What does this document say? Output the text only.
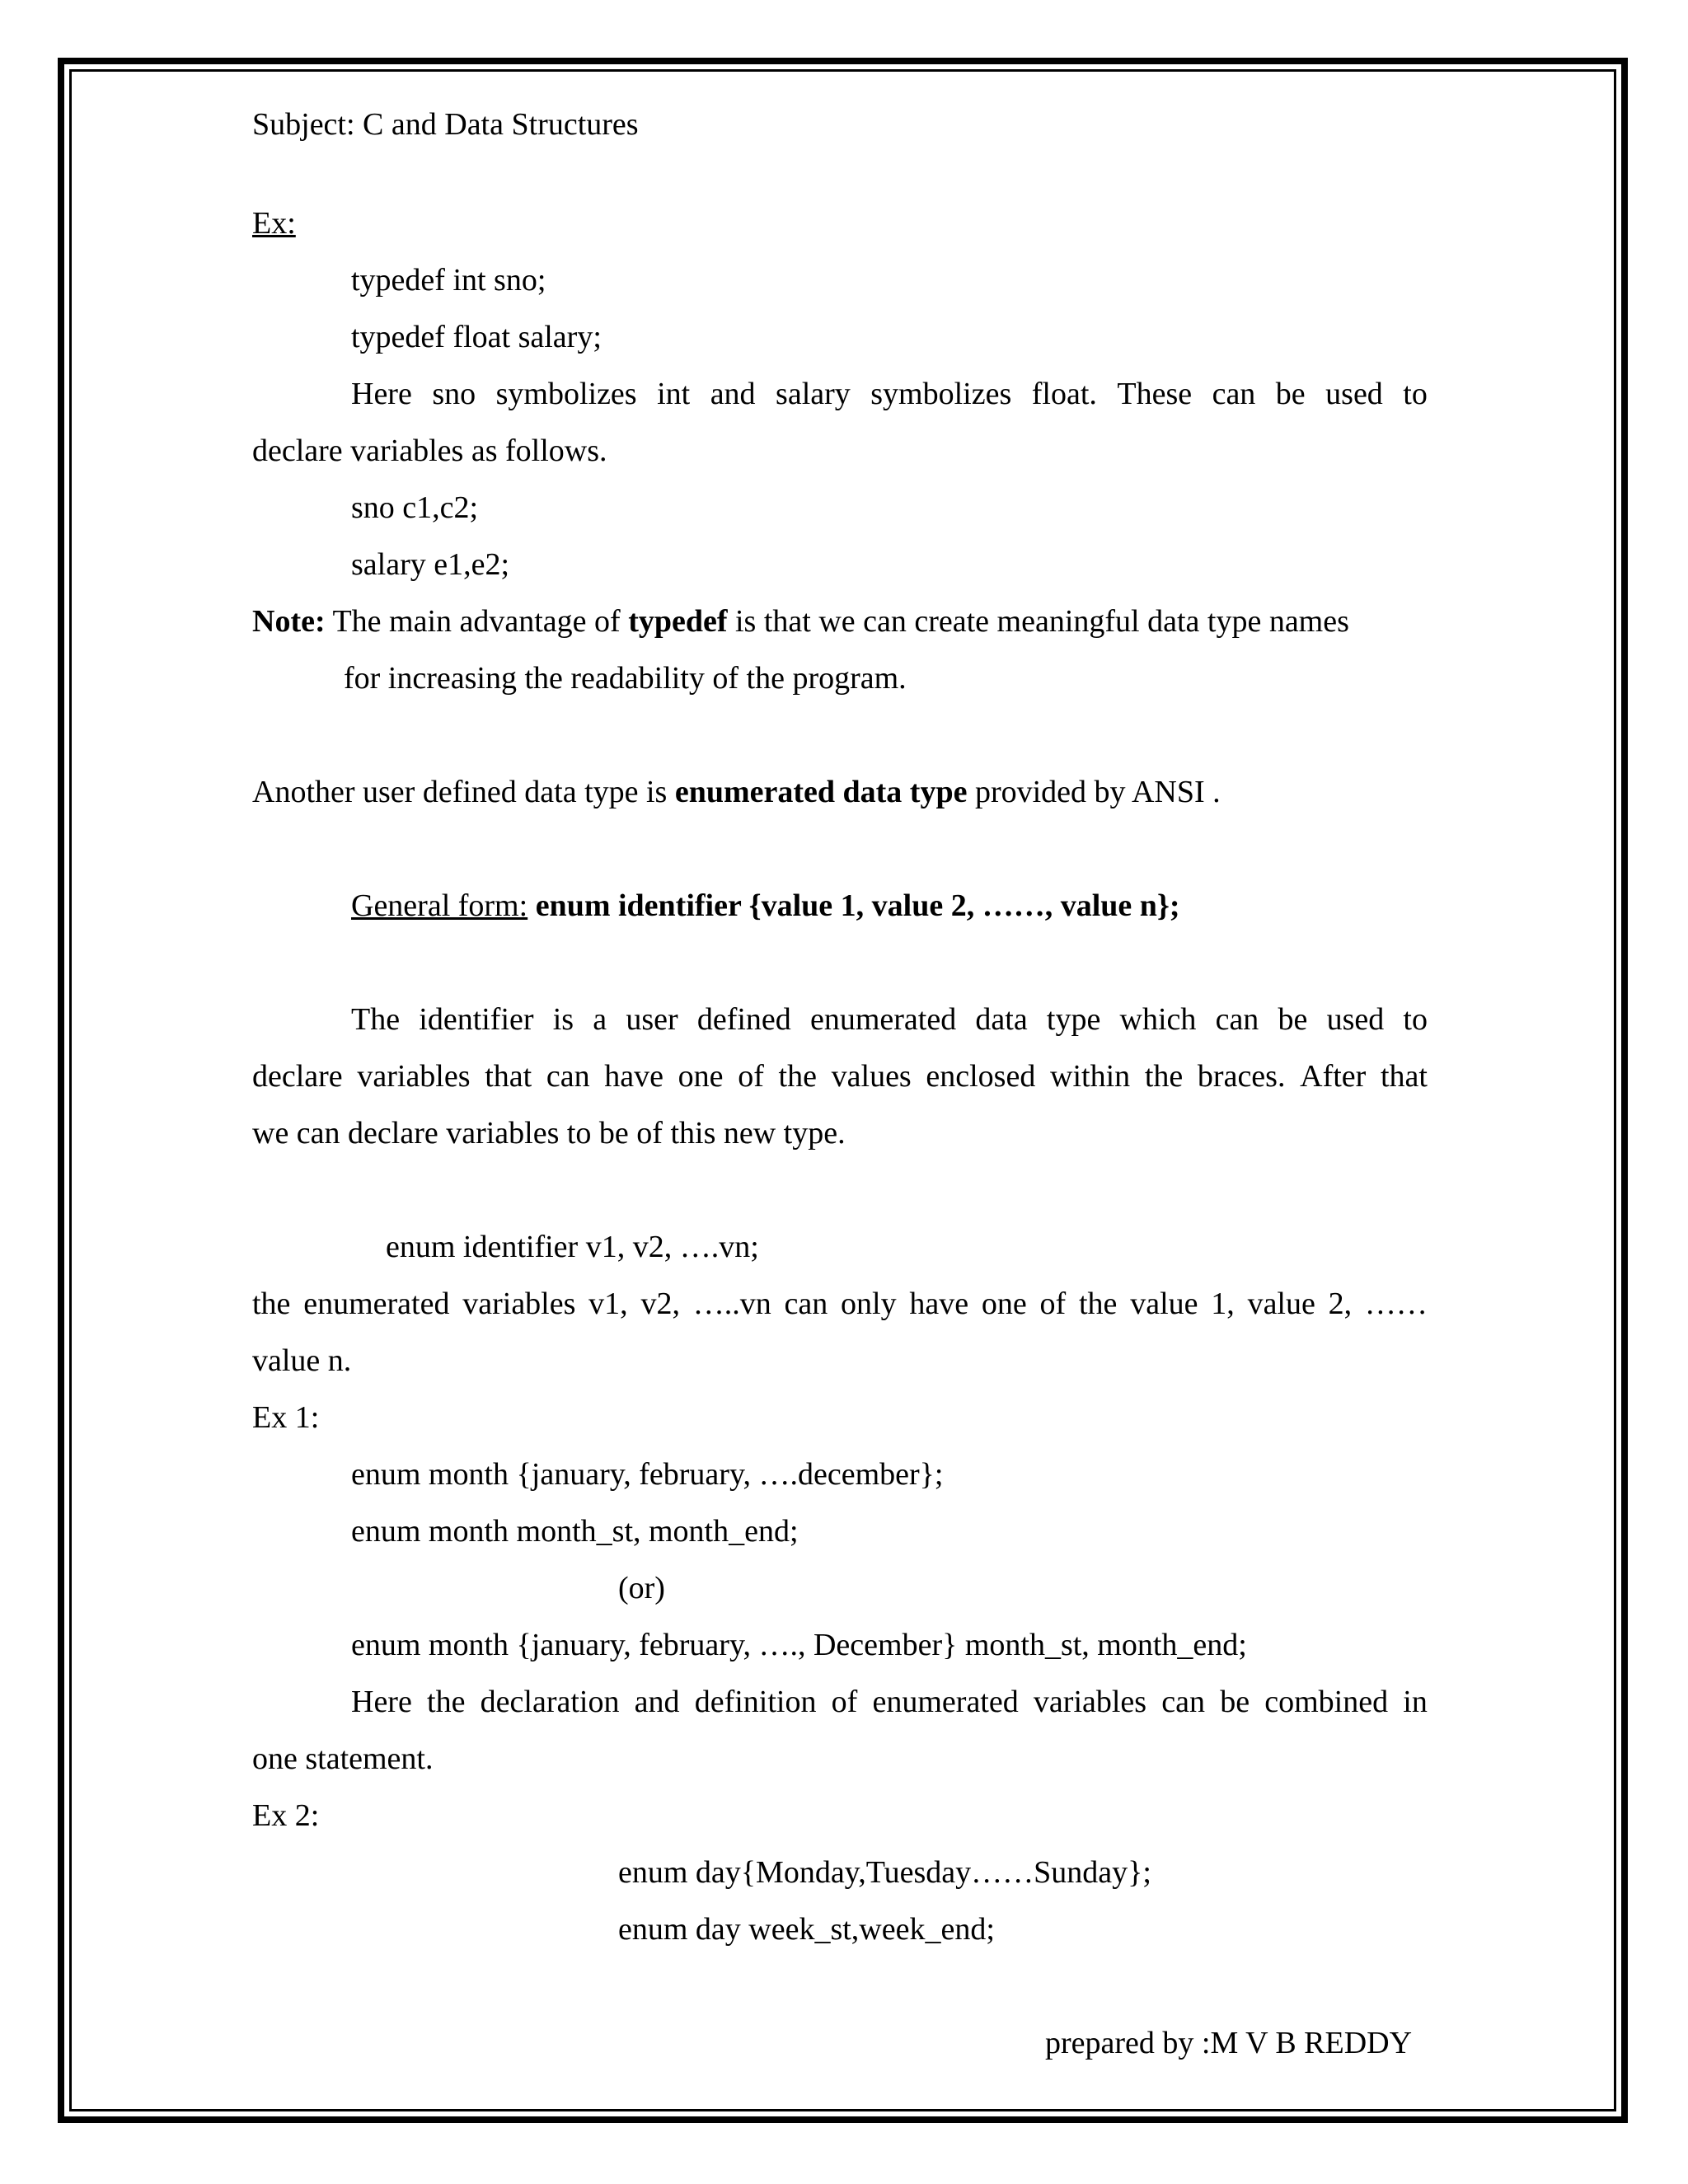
Subject: C and Data Structures
Ex:
typedef int sno;
typedef float salary;
Here sno symbolizes int and salary symbolizes float. These can be used to
declare variables as follows.
sno c1,c2;
salary e1,e2;
Note: The main advantage of typedef is that we can create meaningful data type names
for increasing the readability of the program.
Another user defined data type is enumerated data type provided by ANSI .
General form: enum identifier {value 1, value 2, ……, value n};
The identifier is a user defined enumerated data type which can be used to
declare variables that can have one of the values enclosed within the braces. After that
we can declare variables to be of this new type.
enum identifier v1, v2, ….vn;
the enumerated variables v1, v2, …..vn can only have one of the value 1, value 2, ……
value n.
Ex 1:
enum month {january, february, ….december};
enum month month_st, month_end;
(or)
enum month {january, february, …., December} month_st, month_end;
Here the declaration and definition of enumerated variables can be combined in
one statement.
Ex 2:
enum day{Monday,Tuesday……Sunday};
enum day week_st,week_end;
prepared by :M V B REDDY
